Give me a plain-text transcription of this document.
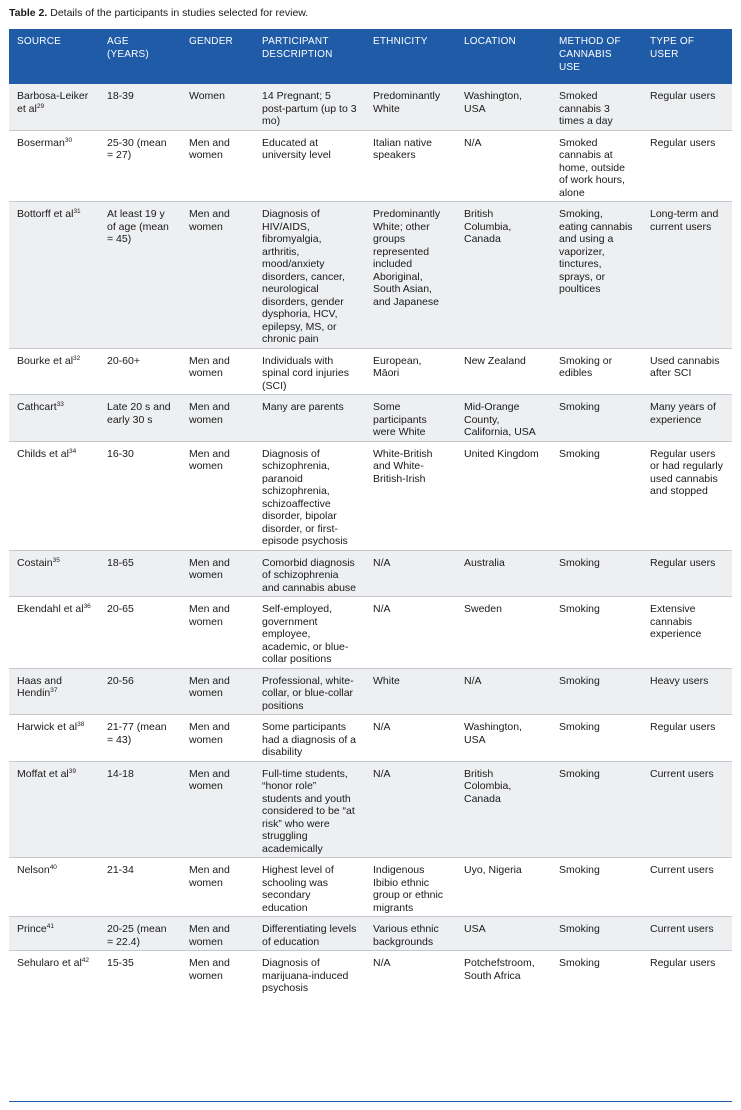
Table 2. Details of the participants in studies selected for review.
SOURCE	AGE (YEARS)	GENDER	PARTICIPANT DESCRIPTION	ETHNICITY	LOCATION	METHOD OF CANNABIS USE	TYPE OF USER
Barbosa-Leiker et $al^{29}$	18-39	Women	14 Pregnant; 5 post-partum (up to 3 mo)	Predominantly White	Washington, USA	Smoked cannabis 3 times a day	Regular users
Boserman$^{30}$	25-30 (mean = 27)	Men and women	Educated at university level	Italian native speakers	N/A	Smoked cannabis at home, outside of work hours, alone	Regular users
Bottorff et $al^{31}$	At least 19 y of age (mean = 45)	Men and women	Diagnosis of HIV/AIDS, fibromyalgia, arthritis, mood/anxiety disorders, cancer, neurological disorders, gender dysphoria, HCV, epilepsy, MS, or chronic pain	Predominantly White; other groups represented included Aboriginal, South Asian, and Japanese	British Columbia, Canada	Smoking, eating cannabis and using a vaporizer, tinctures, sprays, or poultices	Long-term and current users
Bourke et $al^{32}$	20-60+	Men and women	Individuals with spinal cord injuries (SCI)	European, Māori	New Zealand	Smoking or edibles	Used cannabis after SCI
Cathcart$^{33}$	Late 20 s and early 30 s	Men and women	Many are parents	Some participants were White	Mid-Orange County, California, USA	Smoking	Many years of experience
Childs et $al^{34}$	16-30	Men and women	Diagnosis of schizophrenia, paranoid schizophrenia, schizoaffective disorder, bipolar disorder, or first-episode psychosis	White-British and White-British-Irish	United Kingdom	Smoking	Regular users or had regularly used cannabis and stopped
Costain$^{35}$	18-65	Men and women	Comorbid diagnosis of schizophrenia and cannabis abuse	N/A	Australia	Smoking	Regular users
Ekendahl et $al^{36}$	20-65	Men and women	Self-employed, government employee, academic, or blue-collar positions	N/A	Sweden	Smoking	Extensive cannabis experience
Haas and Hendin$^{37}$	20-56	Men and women	Professional, white-collar, or blue-collar positions	White	N/A	Smoking	Heavy users
Harwick et $al^{38}$	21-77 (mean = 43)	Men and women	Some participants had a diagnosis of a disability	N/A	Washington, USA	Smoking	Regular users
Moffat et $al^{39}$	14-18	Men and women	Full-time students, “honor role” students and youth considered to be “at risk” who were struggling academically	N/A	British Colombia, Canada	Smoking	Current users
Nelson$^{40}$	21-34	Men and women	Highest level of schooling was secondary education	Indigenous Ibibio ethnic group or ethnic migrants	Uyo, Nigeria	Smoking	Current users
Prince$^{41}$	20-25 (mean = 22.4)	Men and women	Differentiating levels of education	Various ethnic backgrounds	USA	Smoking	Current users
Sehularo et $al^{42}$	15-35	Men and women	Diagnosis of marijuana-induced psychosis	N/A	Potchefstroom, South Africa	Smoking	Regular users
